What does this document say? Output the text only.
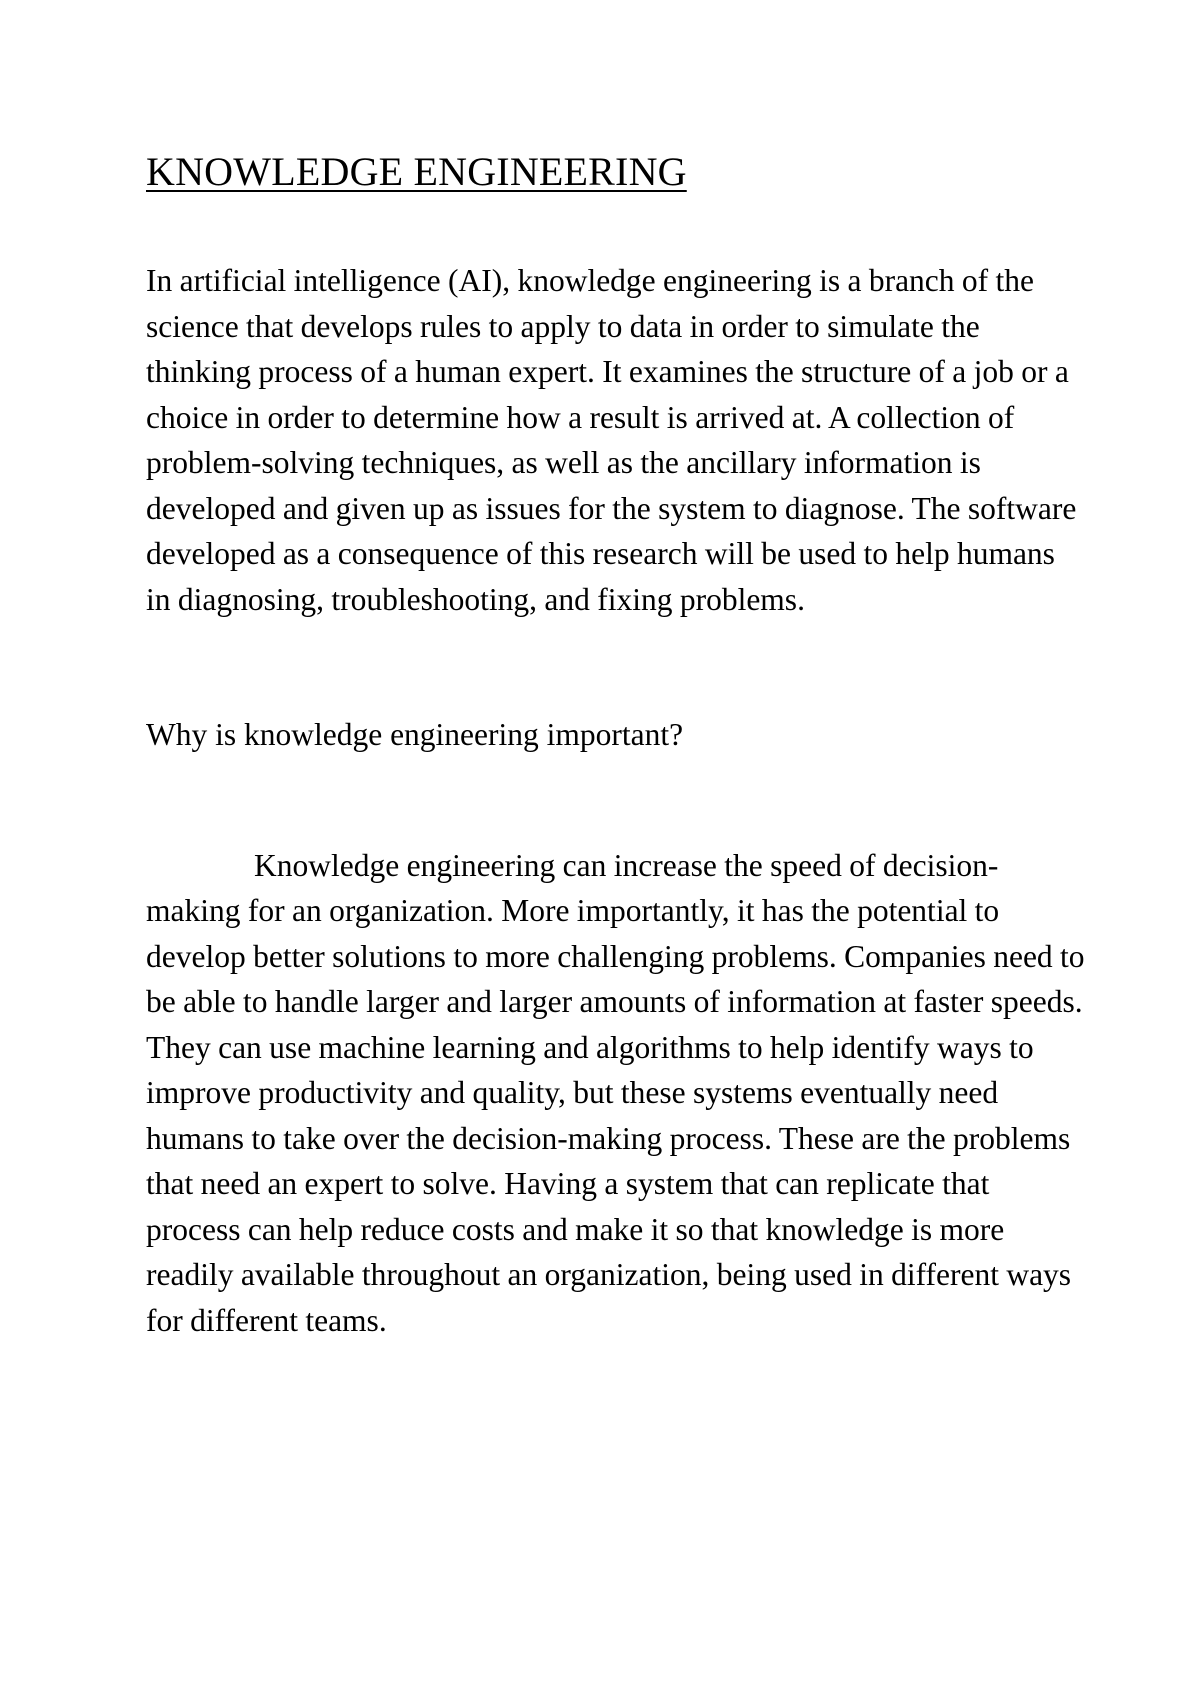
KNOWLEDGE ENGINEERING

In artificial intelligence (AI), knowledge engineering is a branch of the science that develops rules to apply to data in order to simulate the thinking process of a human expert. It examines the structure of a job or a choice in order to determine how a result is arrived at. A collection of problem-solving techniques, as well as the ancillary information is developed and given up as issues for the system to diagnose. The software developed as a consequence of this research will be used to help humans in diagnosing, troubleshooting, and fixing problems.

Why is knowledge engineering important?

Knowledge engineering can increase the speed of decision-making for an organization. More importantly, it has the potential to develop better solutions to more challenging problems. Companies need to be able to handle larger and larger amounts of information at faster speeds. They can use machine learning and algorithms to help identify ways to improve productivity and quality, but these systems eventually need humans to take over the decision-making process. These are the problems that need an expert to solve. Having a system that can replicate that process can help reduce costs and make it so that knowledge is more readily available throughout an organization, being used in different ways for different teams.
